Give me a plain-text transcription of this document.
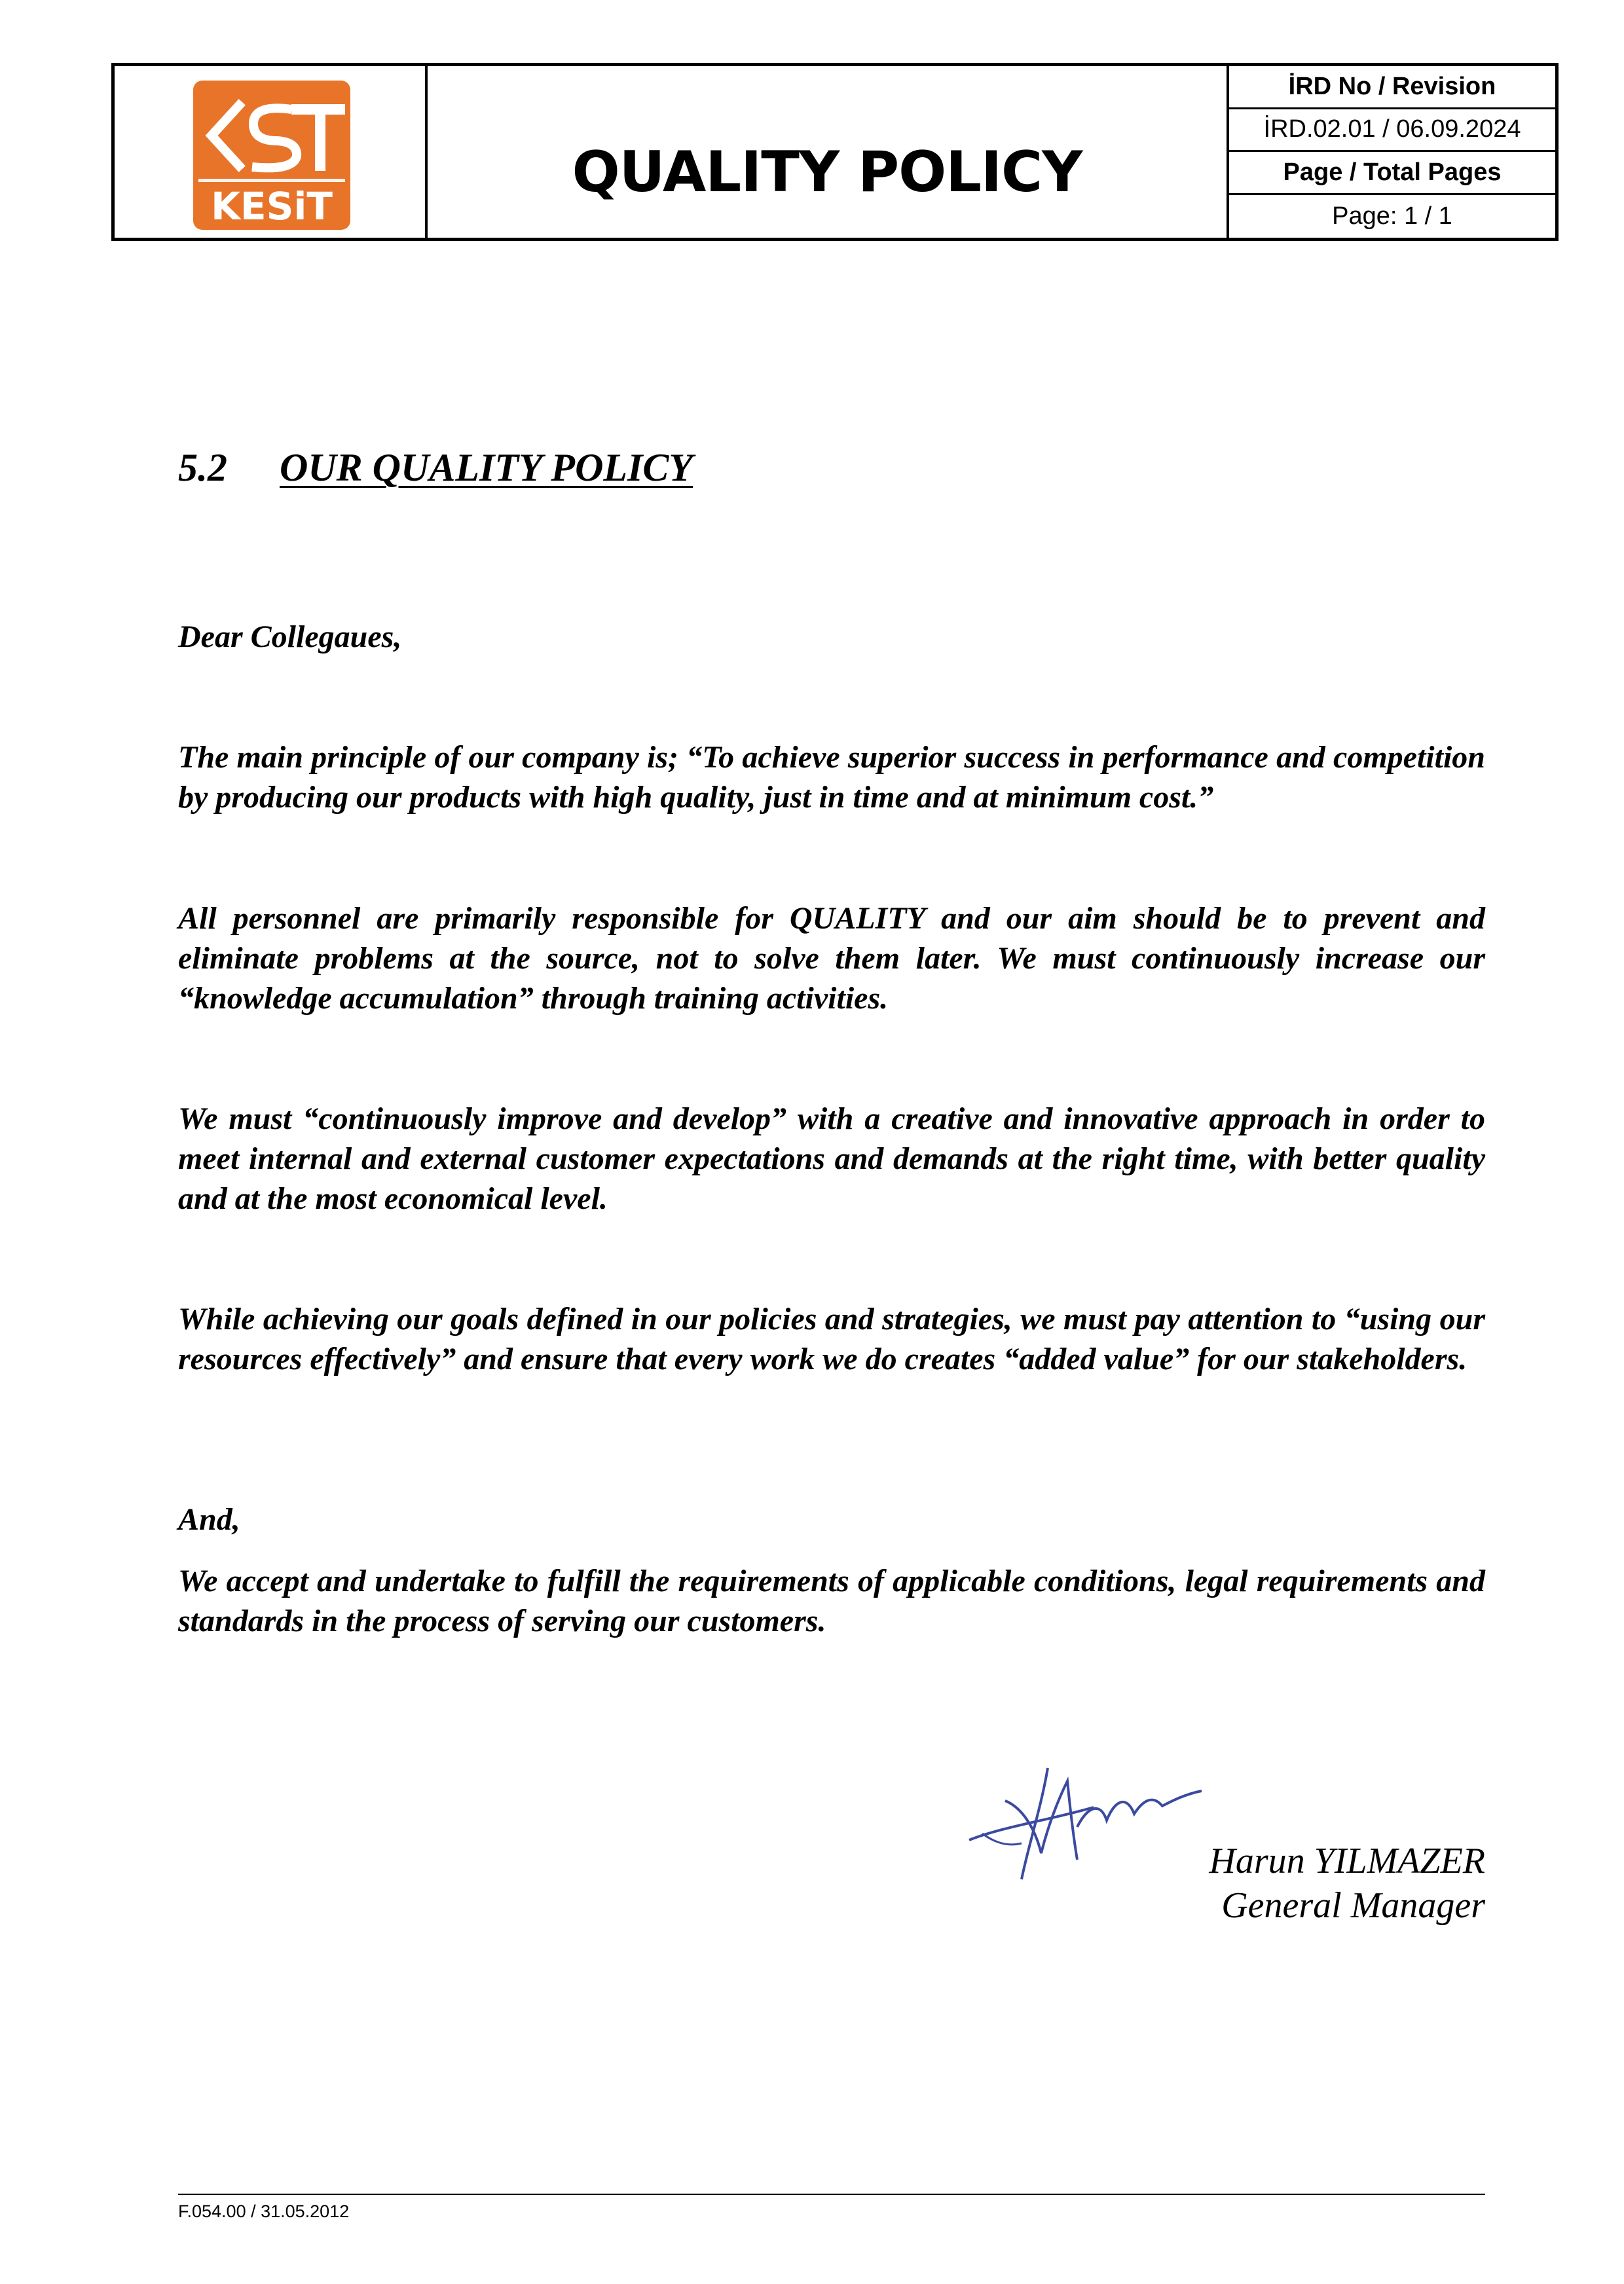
KESiT
QUALITY POLICY
İRD No / Revision
İRD.02.01 / 06.09.2024
Page / Total Pages
Page: 1 / 1
5.2 OUR QUALITY POLICY
Dear Collegaues,
The main principle of our company is; “To achieve superior success in performance and competition by producing our products with high quality, just in time and at minimum cost.”
All personnel are primarily responsible for QUALITY and our aim should be to prevent and eliminate problems at the source, not to solve them later. We must continuously increase our “knowledge accumulation” through training activities.
We must “continuously improve and develop” with a creative and innovative approach in order to meet internal and external customer expectations and demands at the right time, with better quality and at the most economical level.
While achieving our goals defined in our policies and strategies, we must pay attention to “using our resources effectively” and ensure that every work we do creates “added value” for our stakeholders.
And,
We accept and undertake to fulfill the requirements of applicable conditions, legal requirements and standards in the process of serving our customers.
Harun YILMAZER
General Manager
F.054.00 / 31.05.2012
